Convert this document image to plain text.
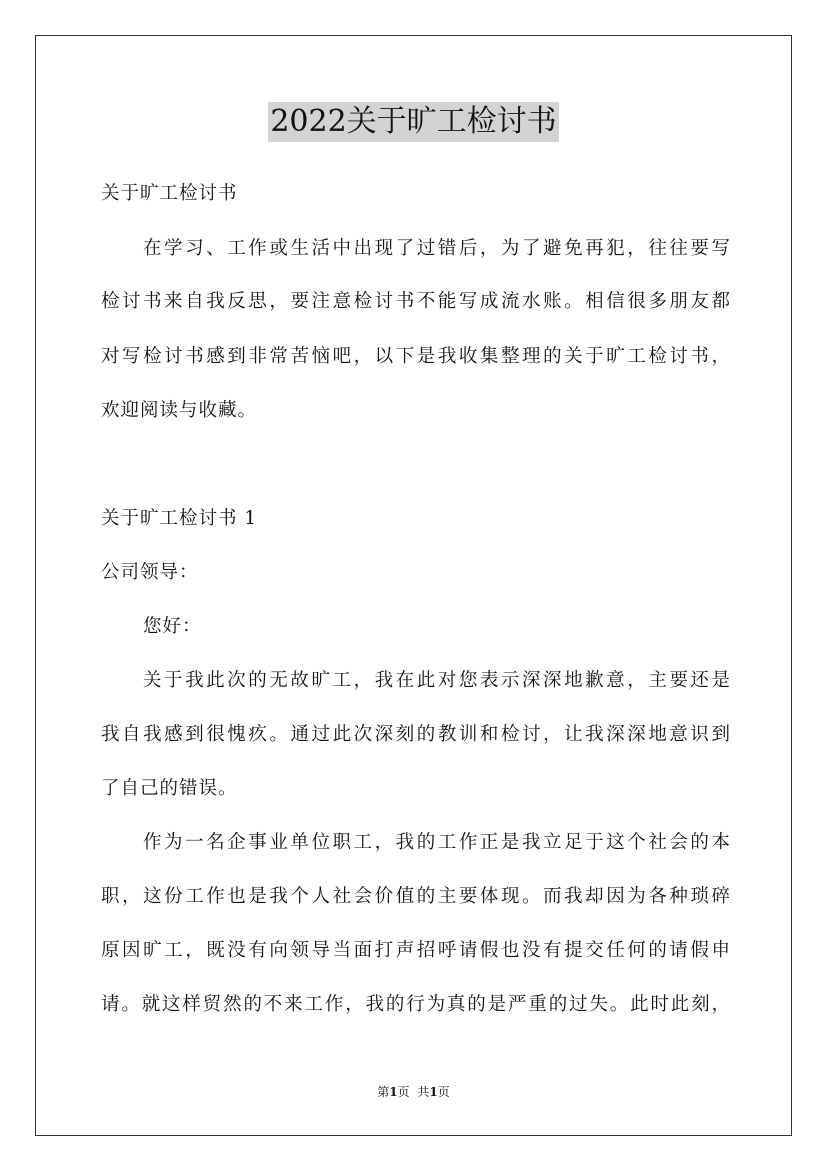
2022关于旷工检讨书
关于旷工检讨书
在学习、工作或生活中出现了过错后，为了避免再犯，往往要写
检讨书来自我反思，要注意检讨书不能写成流水账。相信很多朋友都
对写检讨书感到非常苦恼吧，以下是我收集整理的关于旷工检讨书，
欢迎阅读与收藏。
关于旷工检讨书 1
公司领导：
您好：
关于我此次的无故旷工，我在此对您表示深深地歉意，主要还是
我自我感到很愧疚。通过此次深刻的教训和检讨，让我深深地意识到
了自己的错误。
作为一名企事业单位职工，我的工作正是我立足于这个社会的本
职，这份工作也是我个人社会价值的主要体现。而我却因为各种琐碎
原因旷工，既没有向领导当面打声招呼请假也没有提交任何的请假申
请。就这样贸然的不来工作，我的行为真的是严重的过失。此时此刻，
第1页 共1页
